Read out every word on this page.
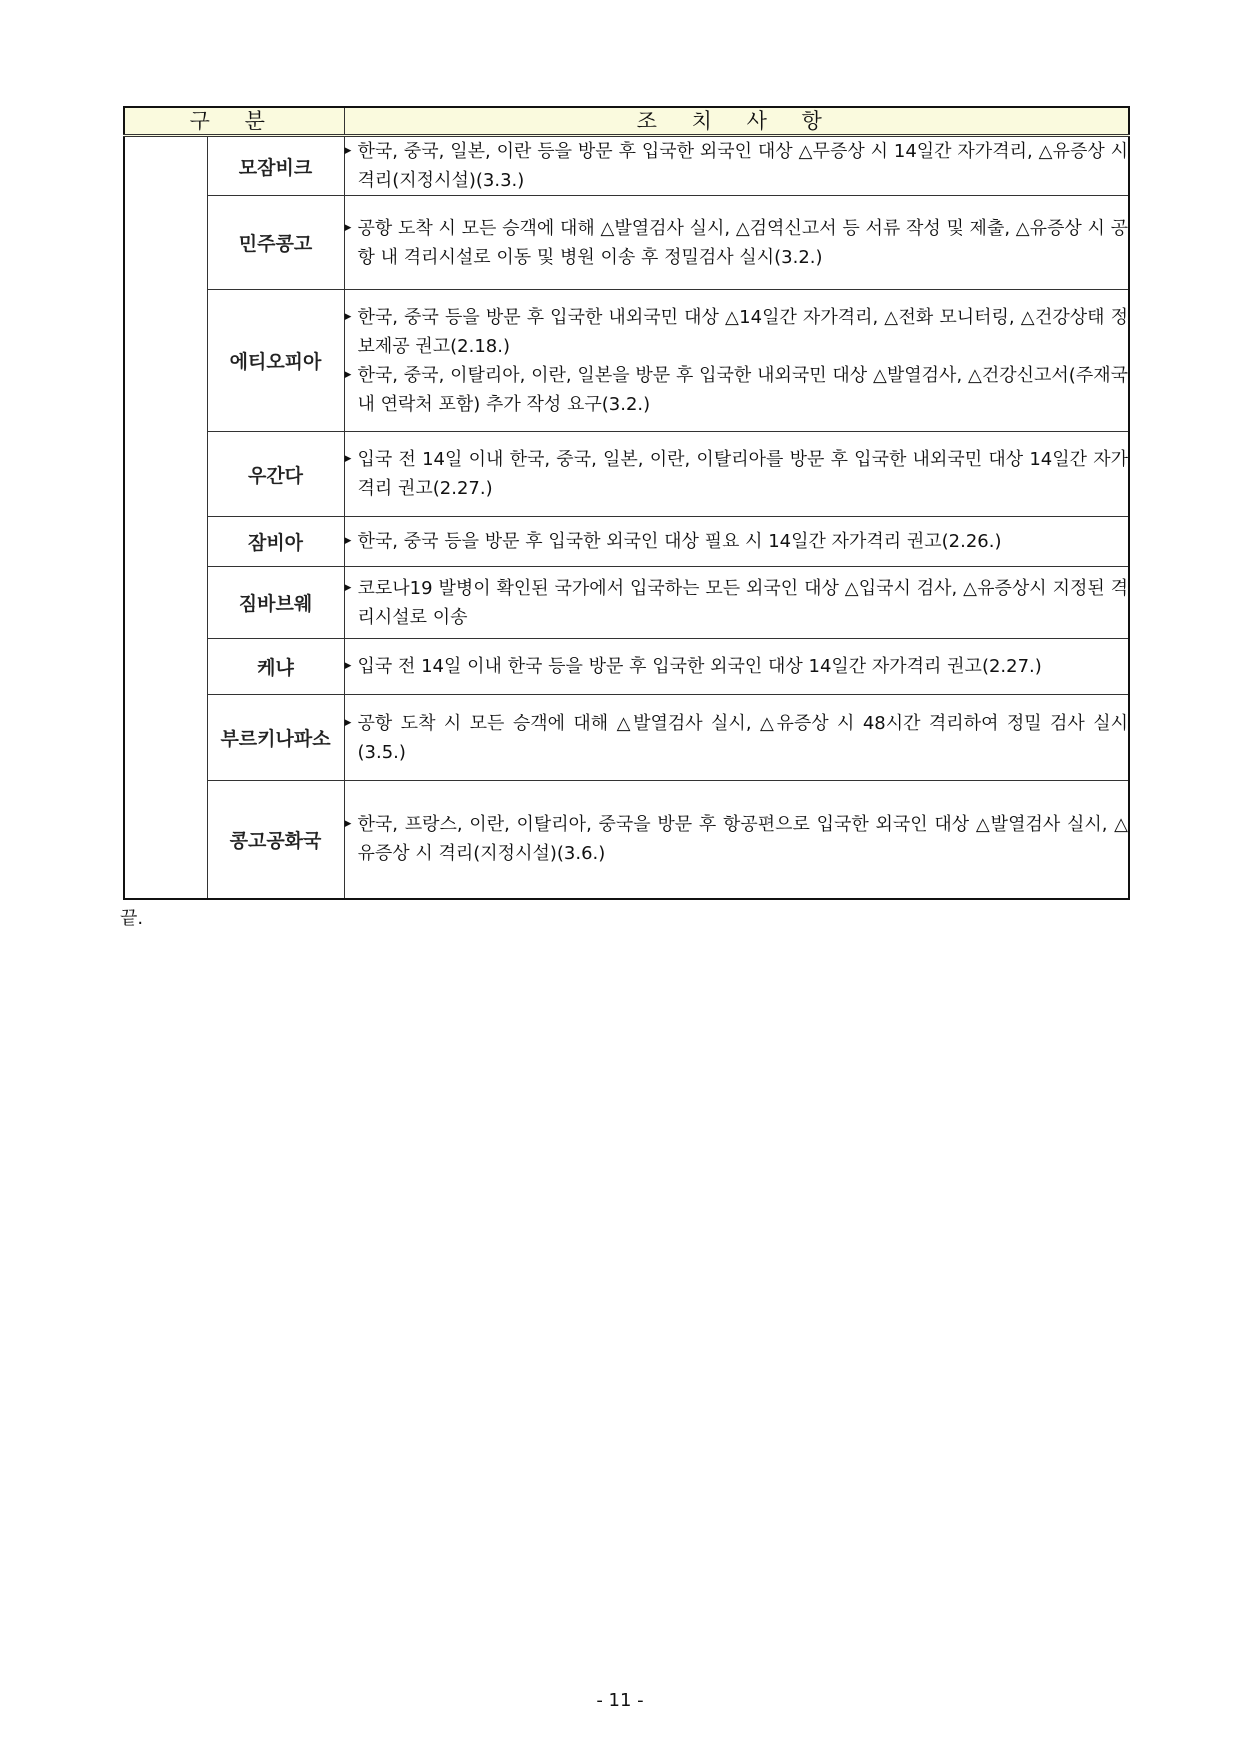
구 분		조 치 사 항
	모잠비크	▶ 한국, 중국, 일본, 이란 등을 방문 후 입국한 외국인 대상 △무증상 시 14일간 자가격리, △유증상 시 격리(지정시설)(3.3.)

	민주콩고	▶ 공항 도착 시 모든 승객에 대해 △발열검사 실시, △검역신고서 등 서류 작성 및 제출, △유증상 시 공항 내 격리시설로 이동 및 병원 이송 후 정밀검사 실시(3.2.)

	에티오피아	▶ 한국, 중국 등을 방문 후 입국한 내외국민 대상 △14일간 자가격리, △전화 모니터링, △건강상태 정보제공 권고(2.18.)
▶ 한국, 중국, 이탈리아, 이란, 일본을 방문 후 입국한 내외국민 대상 △발열검사, △건강신고서(주재국 내 연락처 포함) 추가 작성 요구(3.2.)

	우간다	▶ 입국 전 14일 이내 한국, 중국, 일본, 이란, 이탈리아를 방문 후 입국한 내외국민 대상 14일간 자가격리 권고(2.27.)

	잠비아	▶ 한국, 중국 등을 방문 후 입국한 외국인 대상 필요 시 14일간 자가격리 권고(2.26.)

	짐바브웨	▶ 코로나19 발병이 확인된 국가에서 입국하는 모든 외국인 대상 △입국시 검사, △유증상시 지정된 격리시설로 이송

	케냐	▶ 입국 전 14일 이내 한국 등을 방문 후 입국한 외국인 대상 14일간 자가격리 권고(2.27.)

	부르키나파소	▶ 공항 도착 시 모든 승객에 대해 △발열검사 실시, △유증상 시 48시간 격리하여 정밀 검사 실시(3.5.)

	콩고공화국	▶ 한국, 프랑스, 이란, 이탈리아, 중국을 방문 후 항공편으로 입국한 외국인 대상 △발열검사 실시, △유증상 시 격리(지정시설)(3.6.)
끝.
- 11 -
